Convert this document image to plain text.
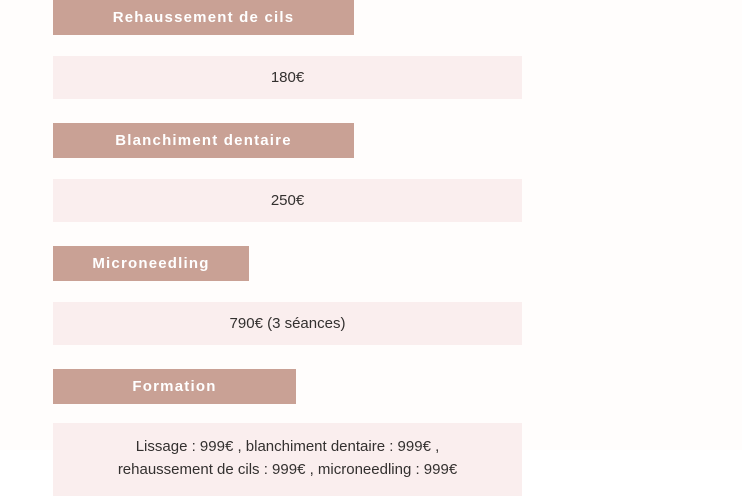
Rehaussement de cils
180€
Blanchiment dentaire
250€
Microneedling
790€ (3 séances)
Formation
Lissage : 999€ , blanchiment dentaire : 999€ ,
rehaussement de cils : 999€ , microneedling : 999€
